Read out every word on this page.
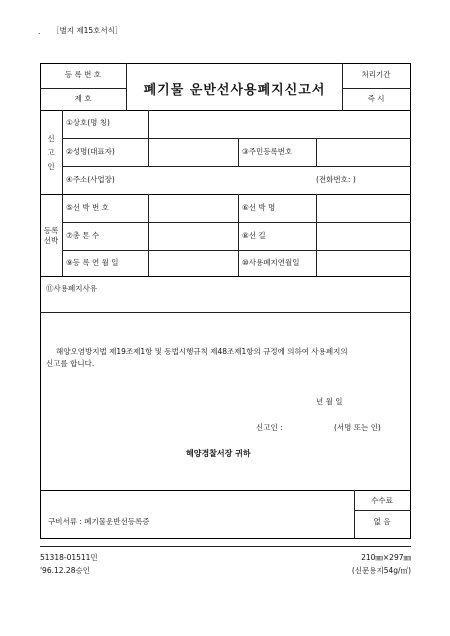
. ［별지 제15호서식］
등 록 번 호
제 호
폐기물 운반선사용폐지신고서
처리기간
즉 시
신
고
인
①상호(명 칭)
②성명(대표자)	③주민등록번호
④주소(사업장)	(전화번호: )
등록
선박
⑤선 박 번 호	⑥선 박 명
⑦총 톤 수	⑧선 길
⑨등 록 연 월 일	⑩사용폐지연월일
⑪사용폐지사유
해양오염방지법 제19조제1항 및 동법시행규칙 제48조제1항의 규정에 의하여 사용폐지의
신고를 합니다.
년 월 일
신고인 :	(서명 또는 인)
해양경찰서장 귀하
구비서류 : 폐기물운반선등록증
수수료
없 음
51318-01511민
'96.12.28승인
210㎜×297㎜
(신문용지54g/㎡)
